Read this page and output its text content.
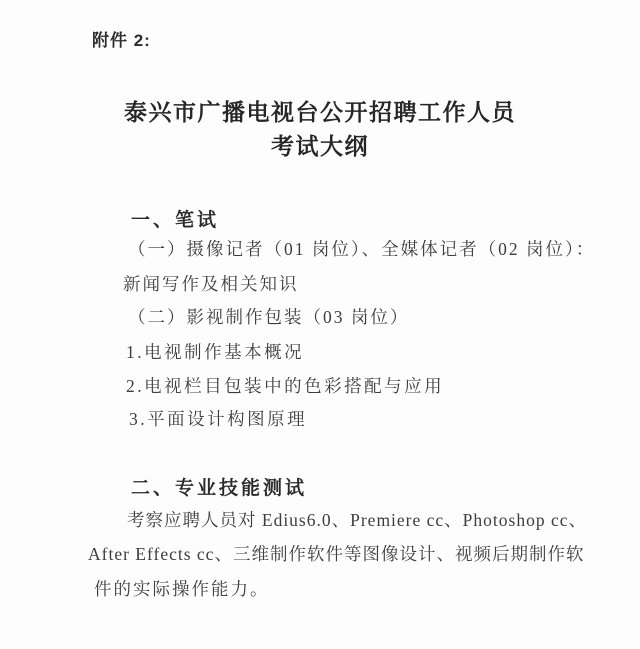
附件 2:
泰兴市广播电视台公开招聘工作人员
考试大纲
一、笔试
（一）摄像记者（01 岗位）、全媒体记者（02 岗位）：
新闻写作及相关知识
（二）影视制作包装（03 岗位）
1.电视制作基本概况
2.电视栏目包装中的色彩搭配与应用
3.平面设计构图原理
二、专业技能测试
考察应聘人员对 Edius6.0、Premiere cc、Photoshop cc、
After Effects cc、三维制作软件等图像设计、视频后期制作软
件的实际操作能力。
